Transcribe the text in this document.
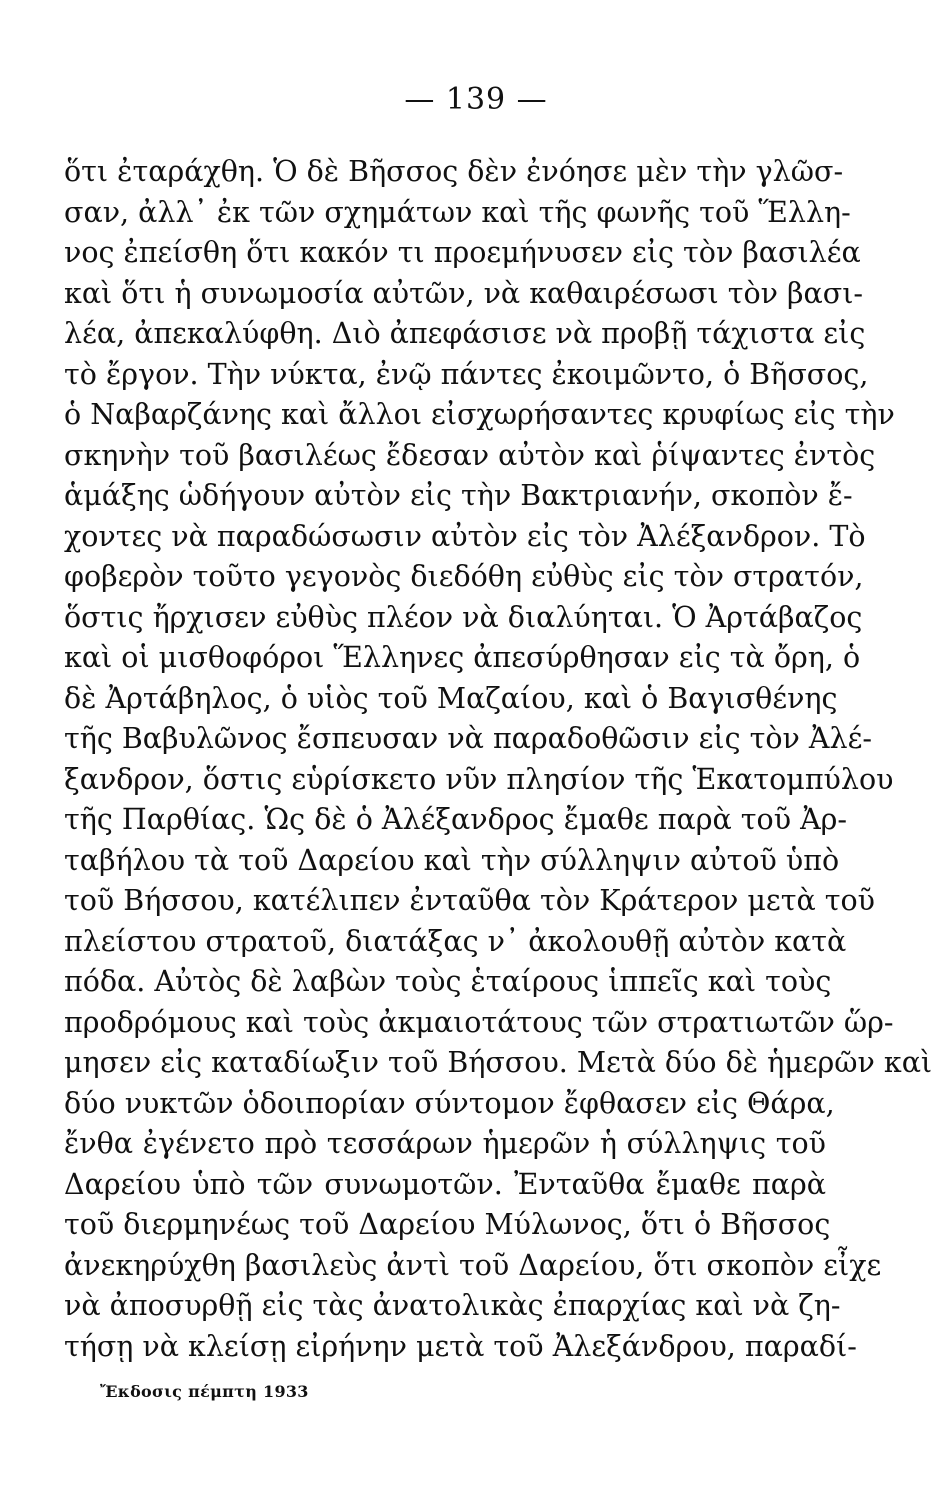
— 139 —
ὅτι ἐταράχθη. Ὁ δὲ Βῆσσος δὲν ἐνόησε μὲν τὴν γλῶσ-
σαν, ἀλλ᾽ ἐκ τῶν σχημάτων καὶ τῆς φωνῆς τοῦ Ἕλλη-
νος ἐπείσθη ὅτι κακόν τι προεμήνυσεν εἰς τὸν βασιλέα
καὶ ὅτι ἡ συνωμοσία αὐτῶν, νὰ καθαιρέσωσι τὸν βασι-
λέα, ἀπεκαλύφθη. Διὸ ἀπεφάσισε νὰ προβῇ τάχιστα εἰς
τὸ ἔργον. Τὴν νύκτα, ἐνῷ πάντες ἐκοιμῶντο, ὁ Βῆσσος,
ὁ Ναβαρζάνης καὶ ἄλλοι εἰσχωρήσαντες κρυφίως εἰς τὴν
σκηνὴν τοῦ βασιλέως ἔδεσαν αὐτὸν καὶ ῥίψαντες ἐντὸς
ἁμάξης ὡδήγουν αὐτὸν εἰς τὴν Βακτριανήν, σκοπὸν ἔ-
χοντες νὰ παραδώσωσιν αὐτὸν εἰς τὸν Ἀλέξανδρον. Τὸ
φοβερὸν τοῦτο γεγονὸς διεδόθη εὐθὺς εἰς τὸν στρατόν,
ὅστις ἤρχισεν εὐθὺς πλέον νὰ διαλύηται. Ὁ Ἀρτάβαζος
καὶ οἱ μισθοφόροι Ἕλληνες ἀπεσύρθησαν εἰς τὰ ὄρη, ὁ
δὲ Ἀρτάβηλος, ὁ υἱὸς τοῦ Μαζαίου, καὶ ὁ Βαγισθένης
τῆς Βαβυλῶνος ἔσπευσαν νὰ παραδοθῶσιν εἰς τὸν Ἀλέ-
ξανδρον, ὅστις εὑρίσκετο νῦν πλησίον τῆς Ἑκατομπύλου
τῆς Παρθίας. Ὡς δὲ ὁ Ἀλέξανδρος ἔμαθε παρὰ τοῦ Ἀρ-
ταβήλου τὰ τοῦ Δαρείου καὶ τὴν σύλληψιν αὐτοῦ ὑπὸ
τοῦ Βήσσου, κατέλιπεν ἐνταῦθα τὸν Κράτερον μετὰ τοῦ
πλείστου στρατοῦ, διατάξας ν᾽ ἀκολουθῇ αὐτὸν κατὰ
πόδα. Αὐτὸς δὲ λαβὼν τοὺς ἑταίρους ἱππεῖς καὶ τοὺς
προδρόμους καὶ τοὺς ἀκμαιοτάτους τῶν στρατιωτῶν ὥρ-
μησεν εἰς καταδίωξιν τοῦ Βήσσου. Μετὰ δύο δὲ ἡμερῶν καὶ
δύο νυκτῶν ὁδοιπορίαν σύντομον ἔφθασεν εἰς Θάρα,
ἔνθα ἐγένετο πρὸ τεσσάρων ἡμερῶν ἡ σύλληψις τοῦ
Δαρείου ὑπὸ τῶν συνωμοτῶν. Ἐνταῦθα ἔμαθε παρὰ
τοῦ διερμηνέως τοῦ Δαρείου Μύλωνος, ὅτι ὁ Βῆσσος
ἀνεκηρύχθη βασιλεὺς ἀντὶ τοῦ Δαρείου, ὅτι σκοπὸν εἶχε
νὰ ἀποσυρθῇ εἰς τὰς ἀνατολικὰς ἐπαρχίας καὶ νὰ ζη-
τήσῃ νὰ κλείσῃ εἰρήνην μετὰ τοῦ Ἀλεξάνδρου, παραδί-
Ἔκδοσις πέμπτη 1933
